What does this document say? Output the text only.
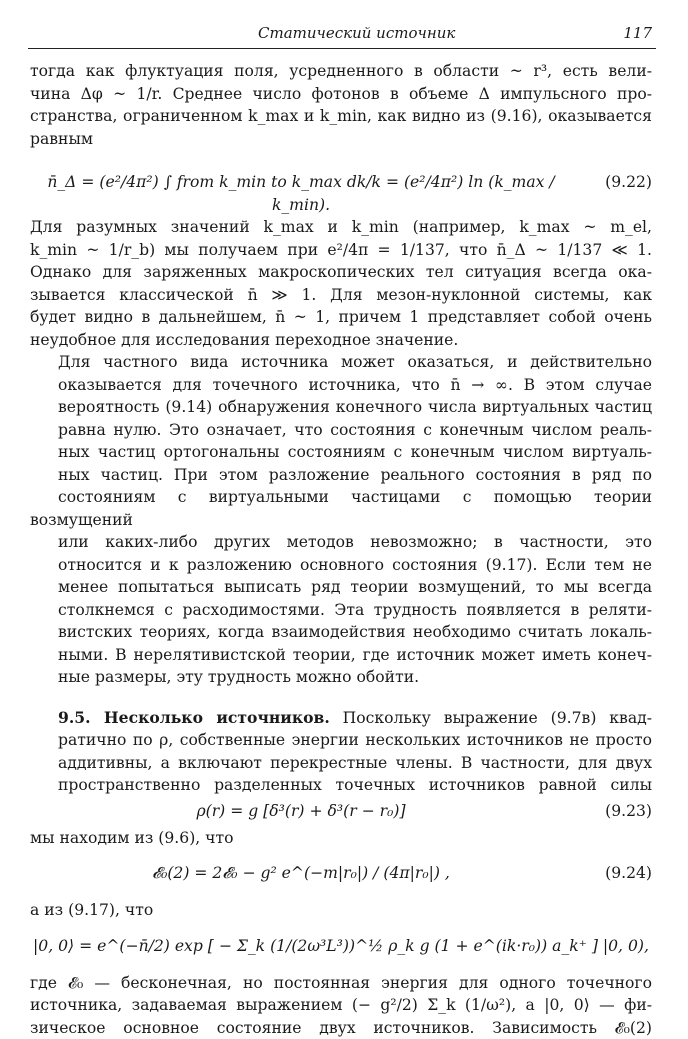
Статический источник	117
тогда как флуктуация поля, усредненного в области ~ r³, есть вели-
чина Δφ ~ 1/r. Среднее число фотонов в объеме Δ импульсного про-
странства, ограниченном k_max и k_min, как видно из (9.16), оказывается
равным
n̄_Δ = (e²/4π²) ∫ from k_min to k_max dk/k = (e²/4π²) ln (k_max / k_min).
(9.22)
Для разумных значений k_max и k_min (например, k_max ~ m_el,
k_min ~ 1/r_b) мы получаем при e²/4π = 1/137, что n̄_Δ ~ 1/137 ≪ 1.
Однако для заряженных макроскопических тел ситуация всегда ока-
зывается классической n̄ ≫ 1. Для мезон-нуклонной системы, как
будет видно в дальнейшем, n̄ ~ 1, причем 1 представляет собой очень
неудобное для исследования переходное значение.
Для частного вида источника может оказаться, и действительно
оказывается для точечного источника, что n̄ → ∞. В этом случае
вероятность (9.14) обнаружения конечного числа виртуальных частиц
равна нулю. Это означает, что состояния с конечным числом реаль-
ных частиц ортогональны состояниям с конечным числом виртуаль-
ных частиц. При этом разложение реального состояния в ряд по
состояниям с виртуальными частицами с помощью теории возмущений
или каких-либо других методов невозможно; в частности, это
относится и к разложению основного состояния (9.17). Если тем не
менее попытаться выписать ряд теории возмущений, то мы всегда
столкнемся с расходимостями. Эта трудность появляется в реляти-
вистских теориях, когда взаимодействия необходимо считать локаль-
ными. В нерелятивистской теории, где источник может иметь конеч-
ные размеры, эту трудность можно обойти.
9.5. Несколько источников. Поскольку выражение (9.7в) квад-
ратично по ρ, собственные энергии нескольких источников не просто
аддитивны, а включают перекрестные члены. В частности, для двух
пространственно разделенных точечных источников равной силы
ρ(r) = g [δ³(r) + δ³(r − r₀)]	(9.23)
мы находим из (9.6), что
𝓔₀(2) = 2𝓔₀ − g² e^(−m|r₀|) / (4π|r₀|) ,	(9.24)
а из (9.17), что
|0, 0⟩ = e^(−n̄/2) exp [ − Σ_k (1/(2ω³L³))^½ ρ_k g (1 + e^(ik·r₀)) a_k⁺ ] |0, 0),
где 𝓔₀ — бесконечная, но постоянная энергия для одного точечного
источника, задаваемая выражением (− g²/2) Σ_k (1/ω²), а |0, 0⟩ — фи-
зическое основное состояние двух источников. Зависимость 𝓔₀(2)
